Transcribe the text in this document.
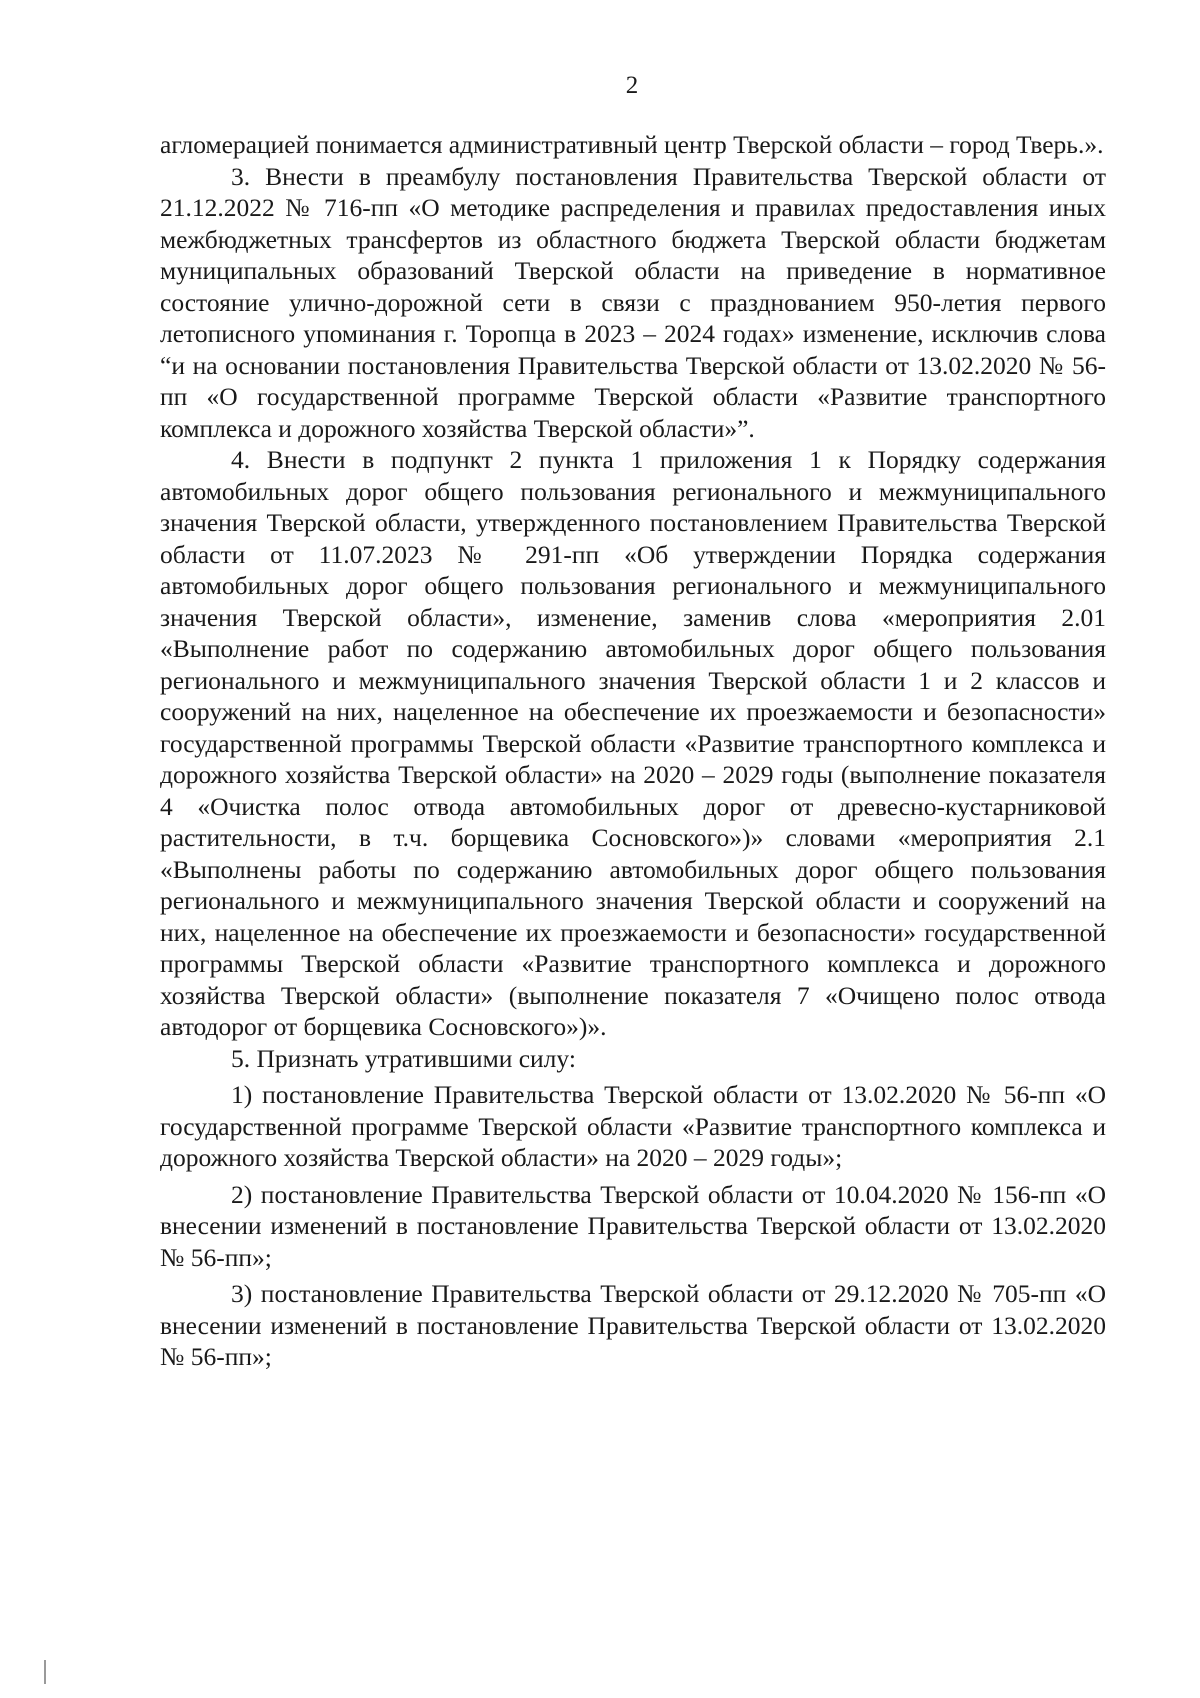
2

агломерацией понимается административный центр Тверской области – город Тверь.».

3. Внести в преамбулу постановления Правительства Тверской области от 21.12.2022 № 716-пп «О методике распределения и правилах предоставления иных межбюджетных трансфертов из областного бюджета Тверской области бюджетам муниципальных образований Тверской области на приведение в нормативное состояние улично-дорожной сети в связи с празднованием 950-летия первого летописного упоминания г. Торопца в 2023 – 2024 годах» изменение, исключив слова “и на основании постановления Правительства Тверской области от 13.02.2020 № 56-пп «О государственной программе Тверской области «Развитие транспортного комплекса и дорожного хозяйства Тверской области»”.

4. Внести в подпункт 2 пункта 1 приложения 1 к Порядку содержания автомобильных дорог общего пользования регионального и межмуниципального значения Тверской области, утвержденного постановлением Правительства Тверской области от 11.07.2023 № 291-пп «Об утверждении Порядка содержания автомобильных дорог общего пользования регионального и межмуниципального значения Тверской области», изменение, заменив слова «мероприятия 2.01 «Выполнение работ по содержанию автомобильных дорог общего пользования регионального и межмуниципального значения Тверской области 1 и 2 классов и сооружений на них, нацеленное на обеспечение их проезжаемости и безопасности» государственной программы Тверской области «Развитие транспортного комплекса и дорожного хозяйства Тверской области» на 2020 – 2029 годы (выполнение показателя 4 «Очистка полос отвода автомобильных дорог от древесно-кустарниковой растительности, в т.ч. борщевика Сосновского»)» словами «мероприятия 2.1 «Выполнены работы по содержанию автомобильных дорог общего пользования регионального и межмуниципального значения Тверской области и сооружений на них, нацеленное на обеспечение их проезжаемости и безопасности» государственной программы Тверской области «Развитие транспортного комплекса и дорожного хозяйства Тверской области» (выполнение показателя 7 «Очищено полос отвода автодорог от борщевика Сосновского»)».

5. Признать утратившими силу:

1) постановление Правительства Тверской области от 13.02.2020 № 56-пп «О государственной программе Тверской области «Развитие транспортного комплекса и дорожного хозяйства Тверской области» на 2020 – 2029 годы»;

2) постановление Правительства Тверской области от 10.04.2020 № 156-пп «О внесении изменений в постановление Правительства Тверской области от 13.02.2020 № 56-пп»;

3) постановление Правительства Тверской области от 29.12.2020 № 705-пп «О внесении изменений в постановление Правительства Тверской области от 13.02.2020 № 56-пп»;
